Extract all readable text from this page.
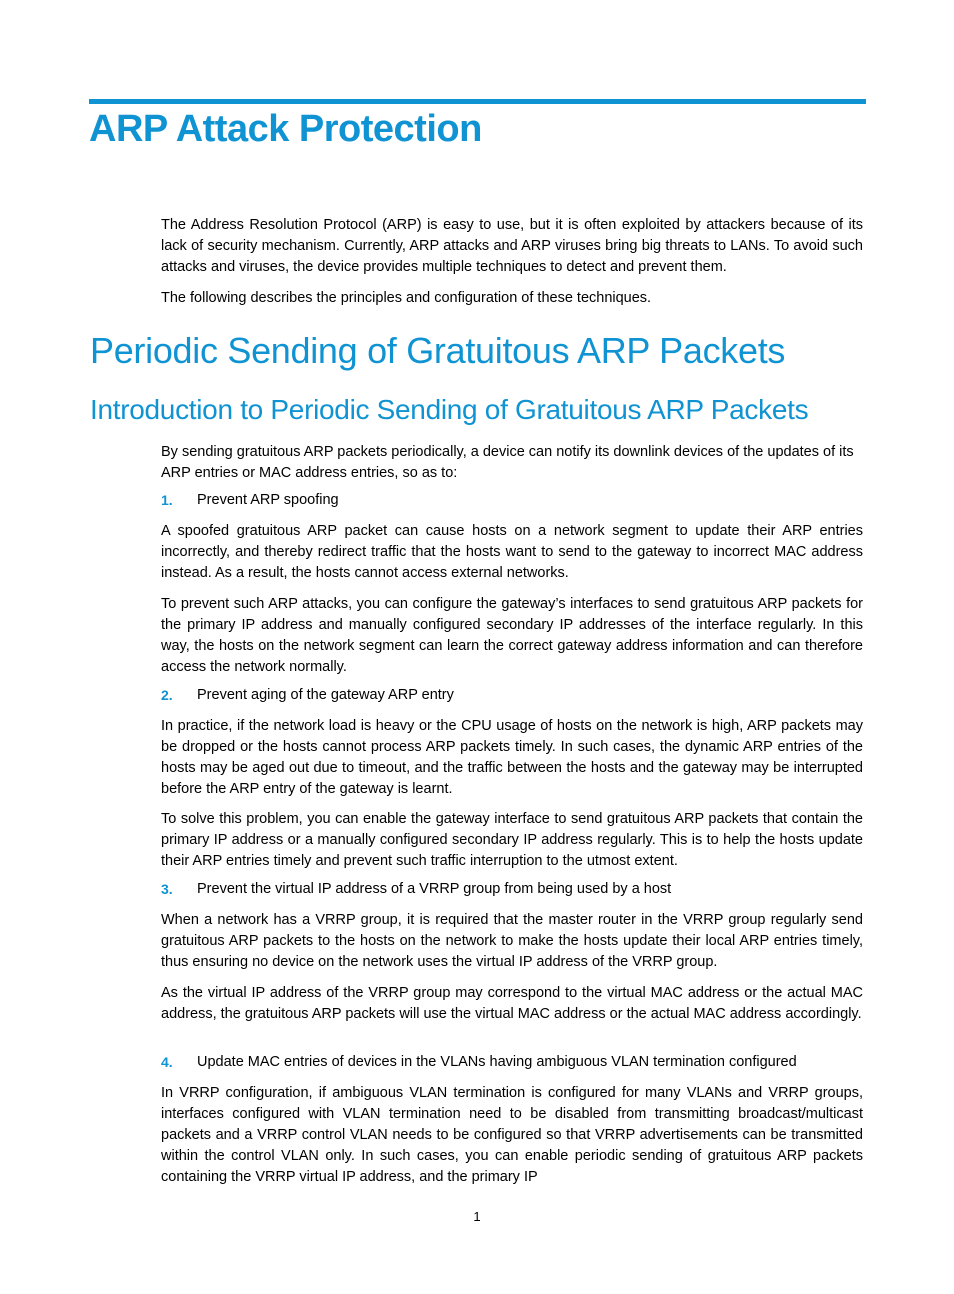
ARP Attack Protection

The Address Resolution Protocol (ARP) is easy to use, but it is often exploited by attackers because of its lack of security mechanism. Currently, ARP attacks and ARP viruses bring big threats to LANs. To avoid such attacks and viruses, the device provides multiple techniques to detect and prevent them.

The following describes the principles and configuration of these techniques.

Periodic Sending of Gratuitous ARP Packets
Introduction to Periodic Sending of Gratuitous ARP Packets

By sending gratuitous ARP packets periodically, a device can notify its downlink devices of the updates of its ARP entries or MAC address entries, so as to:

1. Prevent ARP spoofing

A spoofed gratuitous ARP packet can cause hosts on a network segment to update their ARP entries incorrectly, and thereby redirect traffic that the hosts want to send to the gateway to incorrect MAC address instead. As a result, the hosts cannot access external networks.

To prevent such ARP attacks, you can configure the gateway’s interfaces to send gratuitous ARP packets for the primary IP address and manually configured secondary IP addresses of the interface regularly. In this way, the hosts on the network segment can learn the correct gateway address information and can therefore access the network normally.

2. Prevent aging of the gateway ARP entry

In practice, if the network load is heavy or the CPU usage of hosts on the network is high, ARP packets may be dropped or the hosts cannot process ARP packets timely. In such cases, the dynamic ARP entries of the hosts may be aged out due to timeout, and the traffic between the hosts and the gateway may be interrupted before the ARP entry of the gateway is learnt.

To solve this problem, you can enable the gateway interface to send gratuitous ARP packets that contain the primary IP address or a manually configured secondary IP address regularly. This is to help the hosts update their ARP entries timely and prevent such traffic interruption to the utmost extent.

3. Prevent the virtual IP address of a VRRP group from being used by a host

When a network has a VRRP group, it is required that the master router in the VRRP group regularly send gratuitous ARP packets to the hosts on the network to make the hosts update their local ARP entries timely, thus ensuring no device on the network uses the virtual IP address of the VRRP group.

As the virtual IP address of the VRRP group may correspond to the virtual MAC address or the actual MAC address, the gratuitous ARP packets will use the virtual MAC address or the actual MAC address accordingly.

4. Update MAC entries of devices in the VLANs having ambiguous VLAN termination configured

In VRRP configuration, if ambiguous VLAN termination is configured for many VLANs and VRRP groups, interfaces configured with VLAN termination need to be disabled from transmitting broadcast/multicast packets and a VRRP control VLAN needs to be configured so that VRRP advertisements can be transmitted within the control VLAN only. In such cases, you can enable periodic sending of gratuitous ARP packets containing the VRRP virtual IP address, and the primary IP

1
